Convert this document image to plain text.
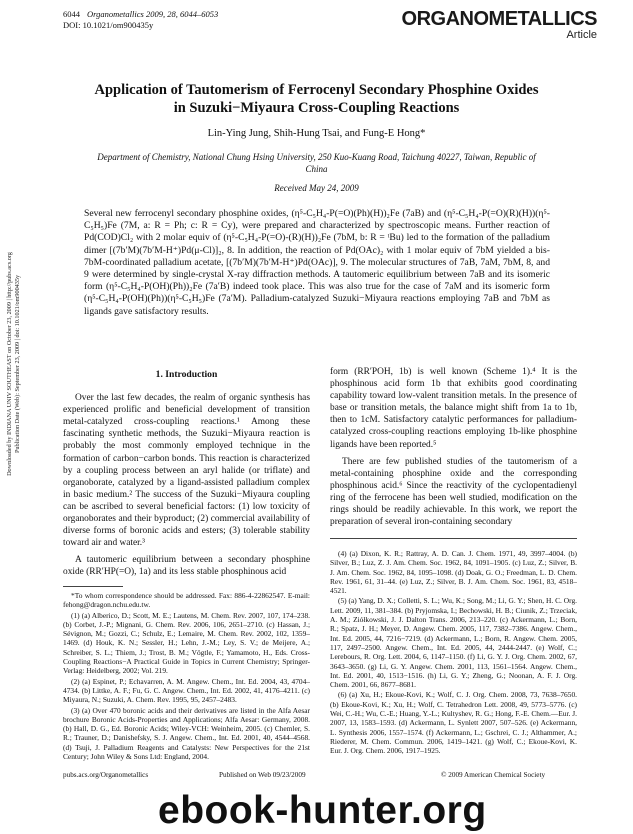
6044 Organometallics 2009, 28, 6044–6053
DOI: 10.1021/om900435y	ORGANOMETALLICS
Article
Downloaded by INDIANA UNIV SOUTHEAST on October 23, 2009 | http://pubs.acs.org Publication Date (Web): September 23, 2009 | doi: 10.1021/om900435y
Application of Tautomerism of Ferrocenyl Secondary Phosphine Oxides in Suzuki−Miyaura Cross-Coupling Reactions
Lin-Ying Jung, Shih-Hung Tsai, and Fung-E Hong*
Department of Chemistry, National Chung Hsing University, 250 Kuo-Kuang Road, Taichung 40227, Taiwan, Republic of China
Received May 24, 2009
Several new ferrocenyl secondary phosphine oxides, (η⁵-C₅H₄-P(=O)(Ph)(H))₂Fe (7aB) and (η⁵-C₅H₄-P(=O)(R)(H))(η⁵-C₅H₅)Fe (7M, a: R = Ph; c: R = Cy), were prepared and characterized by spectroscopic means. Further reaction of Pd(COD)Cl₂ with 2 molar equiv of (η⁵-C₅H₄-P(=O)-(R)(H))₂Fe (7bM, b: R = ᵗBu) led to the formation of the palladium dimer [(7b′M)(7b′M-H⁺)Pd(μ-Cl)]₂, 8. In addition, the reaction of Pd(OAc)₂ with 1 molar equiv of 7bM yielded a bis-7bM-coordinated palladium acetate, [(7b′M)(7b′M-H⁺)Pd(OAc)], 9. The molecular structures of 7aB, 7aM, 7bM, 8, and 9 were determined by single-crystal X-ray diffraction methods. A tautomeric equilibrium between 7aB and its isomeric form (η⁵-C₅H₄-P(OH)(Ph))₂Fe (7a′B) indeed took place. This was also true for the case of 7aM and its isomeric form (η⁵-C₅H₄-P(OH)(Ph))(η⁵-C₅H₅)Fe (7a′M). Palladium-catalyzed Suzuki−Miyaura reactions employing 7aB and 7bM as ligands gave satisfactory results.
1. Introduction

Over the last few decades, the realm of organic synthesis has experienced prolific and beneficial development of transition metal-catalyzed cross-coupling reactions.¹ Among these fascinating synthetic methods, the Suzuki−Miyaura reaction is probably the most commonly employed technique in the formation of carbon−carbon bonds. This reaction is characterized by a coupling process between an aryl halide (or triflate) and organoborate, catalyzed by a ligand-assisted palladium complex in basic medium.² The success of the Suzuki−Miyaura coupling can be ascribed to several beneficial factors: (1) low toxicity of organoborates and their byproduct; (2) commercial availability of diverse forms of boronic acids and esters; (3) tolerable stability toward air and water.³

A tautomeric equilibrium between a secondary phosphine oxide (RR′HP(=O), 1a) and its less stable phosphinous acid

*To whom correspondence should be addressed. Fax: 886-4-22862547. E-mail: fehong@dragon.nchu.edu.tw.

(1) (a) Alberico, D.; Scott, M. E.; Lautens, M. Chem. Rev. 2007, 107, 174–238. (b) Corbet, J.-P.; Mignani, G. Chem. Rev. 2006, 106, 2651–2710. (c) Hassan, J.; Sévignon, M.; Gozzi, C.; Schulz, E.; Lemaire, M. Chem. Rev. 2002, 102, 1359–1469. (d) Houk, K. N.; Sessler, H.; Lehn, J.-M.; Ley, S. V.; de Meijere, A.; Schreiber, S. L.; Thiem, J.; Trost, B. M.; Vögtle, F.; Yamamoto, H., Eds. Cross-Coupling Reactions−A Practical Guide in Topics in Current Chemistry; Springer-Verlag: Heidelberg, 2002; Vol. 219.

(2) (a) Espinet, P.; Echavarren, A. M. Angew. Chem., Int. Ed. 2004, 43, 4704–4734. (b) Littke, A. F.; Fu, G. C. Angew. Chem., Int. Ed. 2002, 41, 4176–4211. (c) Miyaura, N.; Suzuki, A. Chem. Rev. 1995, 95, 2457–2483.

(3) (a) Over 470 boronic acids and their derivatives are listed in the Alfa Aesar brochure Boronic Acids-Properties and Applications; Alfa Aesar: Germany, 2008. (b) Hall, D. G., Ed. Boronic Acids; Wiley-VCH: Weinheim, 2005. (c) Chemler, S. R.; Trauner, D.; Danishefsky, S. J. Angew. Chem., Int. Ed. 2001, 40, 4544–4568. (d) Tsuji, J. Palladium Reagents and Catalysts: New Perspectives for the 21st Century; John Wiley & Sons Ltd: England, 2004.

form (RR′POH, 1b) is well known (Scheme 1).⁴ It is the phosphinous acid form 1b that exhibits good coordinating capability toward low-valent transition metals. In the presence of base or transition metals, the balance might shift from 1a to 1b, then to 1cM. Satisfactory catalytic performances for palladium-catalyzed cross-coupling reactions employing 1b-like phosphine ligands have been reported.⁵

There are few published studies of the tautomerism of a metal-containing phosphine oxide and the corresponding phosphinous acid.⁶ Since the reactivity of the cyclopentadienyl ring of the ferrocene has been well studied, modification on the rings should be readily achievable. In this work, we report the preparation of several iron-containing secondary

(4) (a) Dixon, K. R.; Rattray, A. D. Can. J. Chem. 1971, 49, 3997–4004. (b) Silver, B.; Luz, Z. J. Am. Chem. Soc. 1962, 84, 1091–1905. (c) Luz, Z.; Silver, B. J. Am. Chem. Soc. 1962, 84, 1095–1098. (d) Doak, G. O.; Freedman, L. D. Chem. Rev. 1961, 61, 31–44. (e) Luz, Z.; Silver, B. J. Am. Chem. Soc. 1961, 83, 4518–4521.

(5) (a) Yang, D. X.; Colletti, S. L.; Wu, K.; Song, M.; Li, G. Y.; Shen, H. C. Org. Lett. 2009, 11, 381–384. (b) Pryjomska, I.; Bechowski, H. B.; Ciunik, Z.; Trzeciak, A. M.; Ziółkowski, J. J. Dalton Trans. 2006, 213–220. (c) Ackermann, L.; Born, R.; Spatz, J. H.; Meyer, D. Angew. Chem. 2005, 117, 7382–7386. Angew. Chem., Int. Ed. 2005, 44, 7216−7219. (d) Ackermann, L.; Born, R. Angew. Chem. 2005, 117, 2497–2500. Angew. Chem., Int. Ed. 2005, 44, 2444-2447. (e) Wolf, C.; Lerebours, R. Org. Lett. 2004, 6, 1147–1150. (f) Li, G. Y. J. Org. Chem. 2002, 67, 3643–3650. (g) Li, G. Y. Angew. Chem. 2001, 113, 1561–1564. Angew. Chem., Int. Ed. 2001, 40, 1513−1516. (h) Li, G. Y.; Zheng, G.; Noonan, A. F. J. Org. Chem. 2001, 66, 8677–8681.

(6) (a) Xu, H.; Ekoue-Kovi, K.; Wolf, C. J. Org. Chem. 2008, 73, 7638–7650. (b) Ekoue-Kovi, K.; Xu, H.; Wolf, C. Tetrahedron Lett. 2008, 49, 5773–5776. (c) Wei, C.-H.; Wu, C.-E.; Huang, Y.-L.; Kultyshev, R. G.; Hong, F.-E. Chem.—Eur. J. 2007, 13, 1583–1593. (d) Ackermann, L. Synlett 2007, 507–526. (e) Ackermann, L. Synthesis 2006, 1557–1574. (f) Ackermann, L.; Gschrei, C. J.; Althammer, A.; Riederer, M. Chem. Commun. 2006, 1419–1421. (g) Wolf, C.; Ekoue-Kovi, K. Eur. J. Org. Chem. 2006, 1917–1925.

pubs.acs.org/Organometallics	Published on Web 09/23/2009	© 2009 American Chemical Society
ebook-hunter.org
